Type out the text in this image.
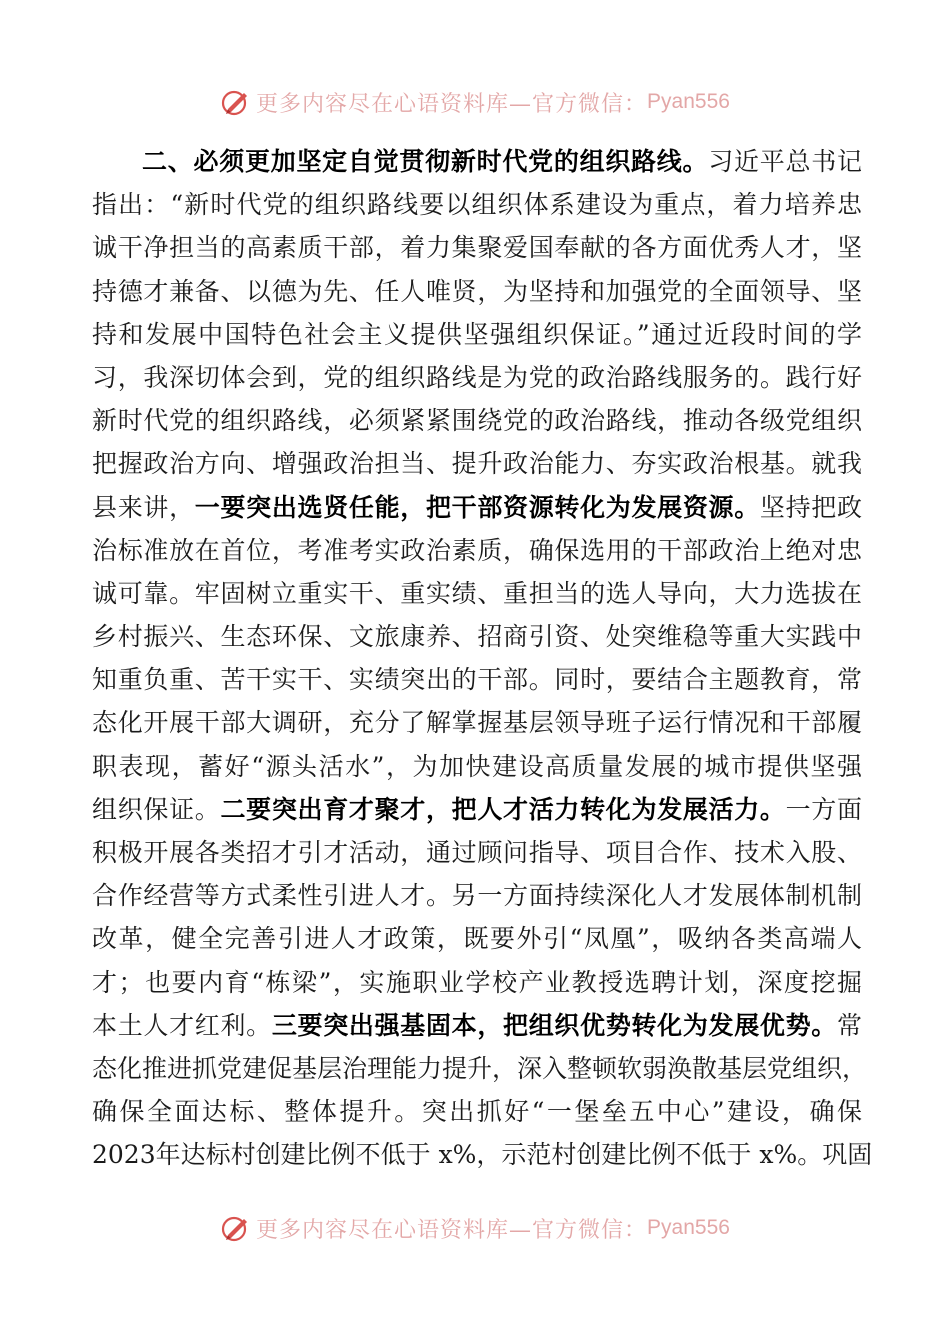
更多内容尽在心语资料库—官方微信： Pyan556
二、必须更加坚定自觉贯彻新时代党的组织路线。习近平总书记
指出：“新时代党的组织路线要以组织体系建设为重点，着力培养忠
诚干净担当的高素质干部，着力集聚爱国奉献的各方面优秀人才，坚
持德才兼备、以德为先、任人唯贤，为坚持和加强党的全面领导、坚
持和发展中国特色社会主义提供坚强组织保证。”通过近段时间的学
习，我深切体会到，党的组织路线是为党的政治路线服务的。践行好
新时代党的组织路线，必须紧紧围绕党的政治路线，推动各级党组织
把握政治方向、增强政治担当、提升政治能力、夯实政治根基。就我
县来讲，一要突出选贤任能，把干部资源转化为发展资源。坚持把政
治标准放在首位，考准考实政治素质，确保选用的干部政治上绝对忠
诚可靠。牢固树立重实干、重实绩、重担当的选人导向，大力选拔在
乡村振兴、生态环保、文旅康养、招商引资、处突维稳等重大实践中
知重负重、苦干实干、实绩突出的干部。同时，要结合主题教育，常
态化开展干部大调研，充分了解掌握基层领导班子运行情况和干部履
职表现，蓄好“源头活水”，为加快建设高质量发展的城市提供坚强
组织保证。二要突出育才聚才，把人才活力转化为发展活力。一方面
积极开展各类招才引才活动，通过顾问指导、项目合作、技术入股、
合作经营等方式柔性引进人才。另一方面持续深化人才发展体制机制
改革，健全完善引进人才政策，既要外引“凤凰”，吸纳各类高端人
才；也要内育“栋梁”，实施职业学校产业教授选聘计划，深度挖掘
本土人才红利。三要突出强基固本，把组织优势转化为发展优势。常
态化推进抓党建促基层治理能力提升，深入整顿软弱涣散基层党组织，
确保全面达标、整体提升。突出抓好“一堡垒五中心”建设，确保
2023年达标村创建比例不低于 x%，示范村创建比例不低于 x%。巩固
更多内容尽在心语资料库—官方微信： Pyan556
